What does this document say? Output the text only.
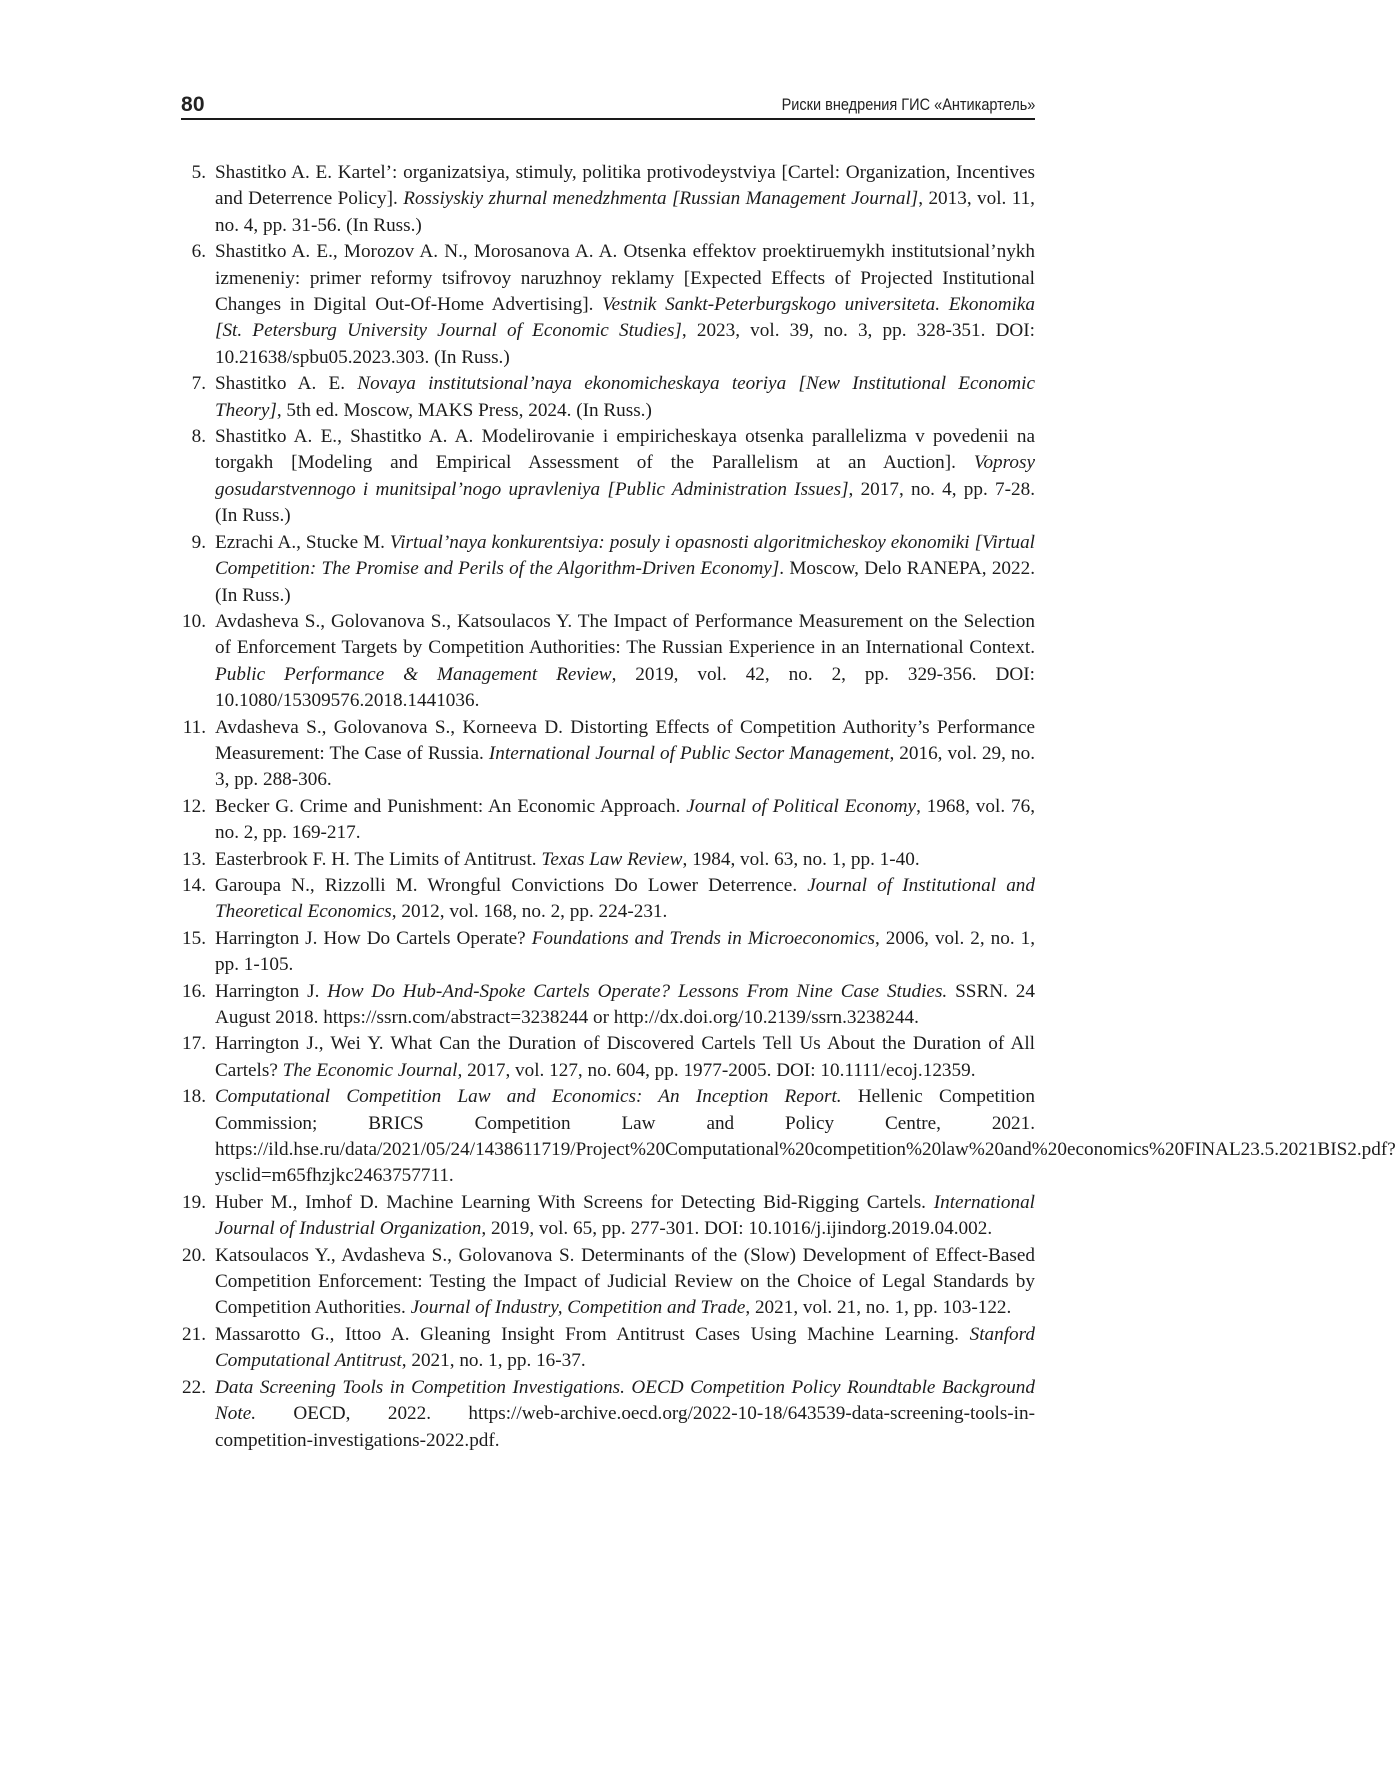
80	Риски внедрения ГИС «Антикартель»
5 . Shastitko A. E. Kartel’: organizatsiya, stimuly, politika protivodeystviya [Cartel: Organization, Incentives and Deterrence Policy]. Rossiyskiy zhurnal menedzhmenta [Russian Management Journal], 2013, vol. 11, no. 4, pp. 31-56. (In Russ.)
6 . Shastitko A. E., Morozov A. N., Morosanova A. A. Otsenka effektov proektiruemykh institutsional’nykh izmeneniy: primer reformy tsifrovoy naruzhnoy reklamy [Expected Effects of Projected Institutional Changes in Digital Out-Of-Home Advertising]. Vestnik Sankt-Peterburgskogo universiteta. Ekonomika [St. Petersburg University Journal of Economic Studies], 2023, vol. 39, no. 3, pp. 328-351. DOI: 10.21638/spbu05.2023.303. (In Russ.)
7 . Shastitko A. E. Novaya institutsional’naya ekonomicheskaya teoriya [New Institutional Economic Theory], 5th ed. Moscow, MAKS Press, 2024. (In Russ.)
8 . Shastitko A. E., Shastitko A. A. Modelirovanie i empiricheskaya otsenka parallelizma v povedenii na torgakh [Modeling and Empirical Assessment of the Parallelism at an Auction]. Voprosy gosudarstvennogo i munitsipal’nogo upravleniya [Public Administration Issues], 2017, no. 4, pp. 7-28. (In Russ.)
9 . Ezrachi A., Stucke M. Virtual’naya konkurentsiya: posuly i opasnosti algoritmicheskoy ekonomiki [Virtual Competition: The Promise and Perils of the Algorithm-Driven Economy]. Moscow, Delo RANEPA, 2022. (In Russ.)
10 . Avdasheva S., Golovanova S., Katsoulacos Y. The Impact of Performance Measurement on the Selection of Enforcement Targets by Competition Authorities: The Russian Experience in an International Context. Public Performance & Management Review, 2019, vol. 42, no. 2, pp. 329-356. DOI: 10.1080/15309576.2018.1441036.
11 . Avdasheva S., Golovanova S., Korneeva D. Distorting Effects of Competition Authority’s Performance Measurement: The Case of Russia. International Journal of Public Sector Management, 2016, vol. 29, no. 3, pp. 288-306.
12 . Becker G. Crime and Punishment: An Economic Approach. Journal of Political Economy, 1968, vol. 76, no. 2, pp. 169-217.
13 . Easterbrook F. H. The Limits of Antitrust. Texas Law Review, 1984, vol. 63, no. 1, pp. 1-40.
14 . Garoupa N., Rizzolli M. Wrongful Convictions Do Lower Deterrence. Journal of Institutional and Theoretical Economics, 2012, vol. 168, no. 2, pp. 224-231.
15 . Harrington J. How Do Cartels Operate? Foundations and Trends in Microeconomics, 2006, vol. 2, no. 1, pp. 1-105.
16 . Harrington J. How Do Hub-And-Spoke Cartels Operate? Lessons From Nine Case Studies. SSRN. 24 August 2018. https://ssrn.com/abstract=3238244 or http://dx.doi.org/10.2139/ssrn.3238244.
17 . Harrington J., Wei Y. What Can the Duration of Discovered Cartels Tell Us About the Duration of All Cartels? The Economic Journal, 2017, vol. 127, no. 604, pp. 1977-2005. DOI: 10.1111/ecoj.12359.
18 . Computational Competition Law and Economics: An Inception Report. Hellenic Competition Commission; BRICS Competition Law and Policy Centre, 2021. https://ild.hse.ru/data/2021/05/24/1438611719/Project%20Computational%20competition%20law%20and%20economics%20FINAL23.5.2021BIS2.pdf?ysclid=m65fhzjkc2463757711.
19 . Huber M., Imhof D. Machine Learning With Screens for Detecting Bid-Rigging Cartels. International Journal of Industrial Organization, 2019, vol. 65, pp. 277-301. DOI: 10.1016/j.ijindorg.2019.04.002.
20 . Katsoulacos Y., Avdasheva S., Golovanova S. Determinants of the (Slow) Development of Effect-Based Competition Enforcement: Testing the Impact of Judicial Review on the Choice of Legal Standards by Competition Authorities. Journal of Industry, Competition and Trade, 2021, vol. 21, no. 1, pp. 103-122.
21 . Massarotto G., Ittoo A. Gleaning Insight From Antitrust Cases Using Machine Learning. Stanford Computational Antitrust, 2021, no. 1, pp. 16-37.
22 . Data Screening Tools in Competition Investigations. OECD Competition Policy Roundtable Background Note. OECD, 2022. https://web-archive.oecd.org/2022-10-18/643539-data-screening-tools-in-competition-investigations-2022.pdf.
